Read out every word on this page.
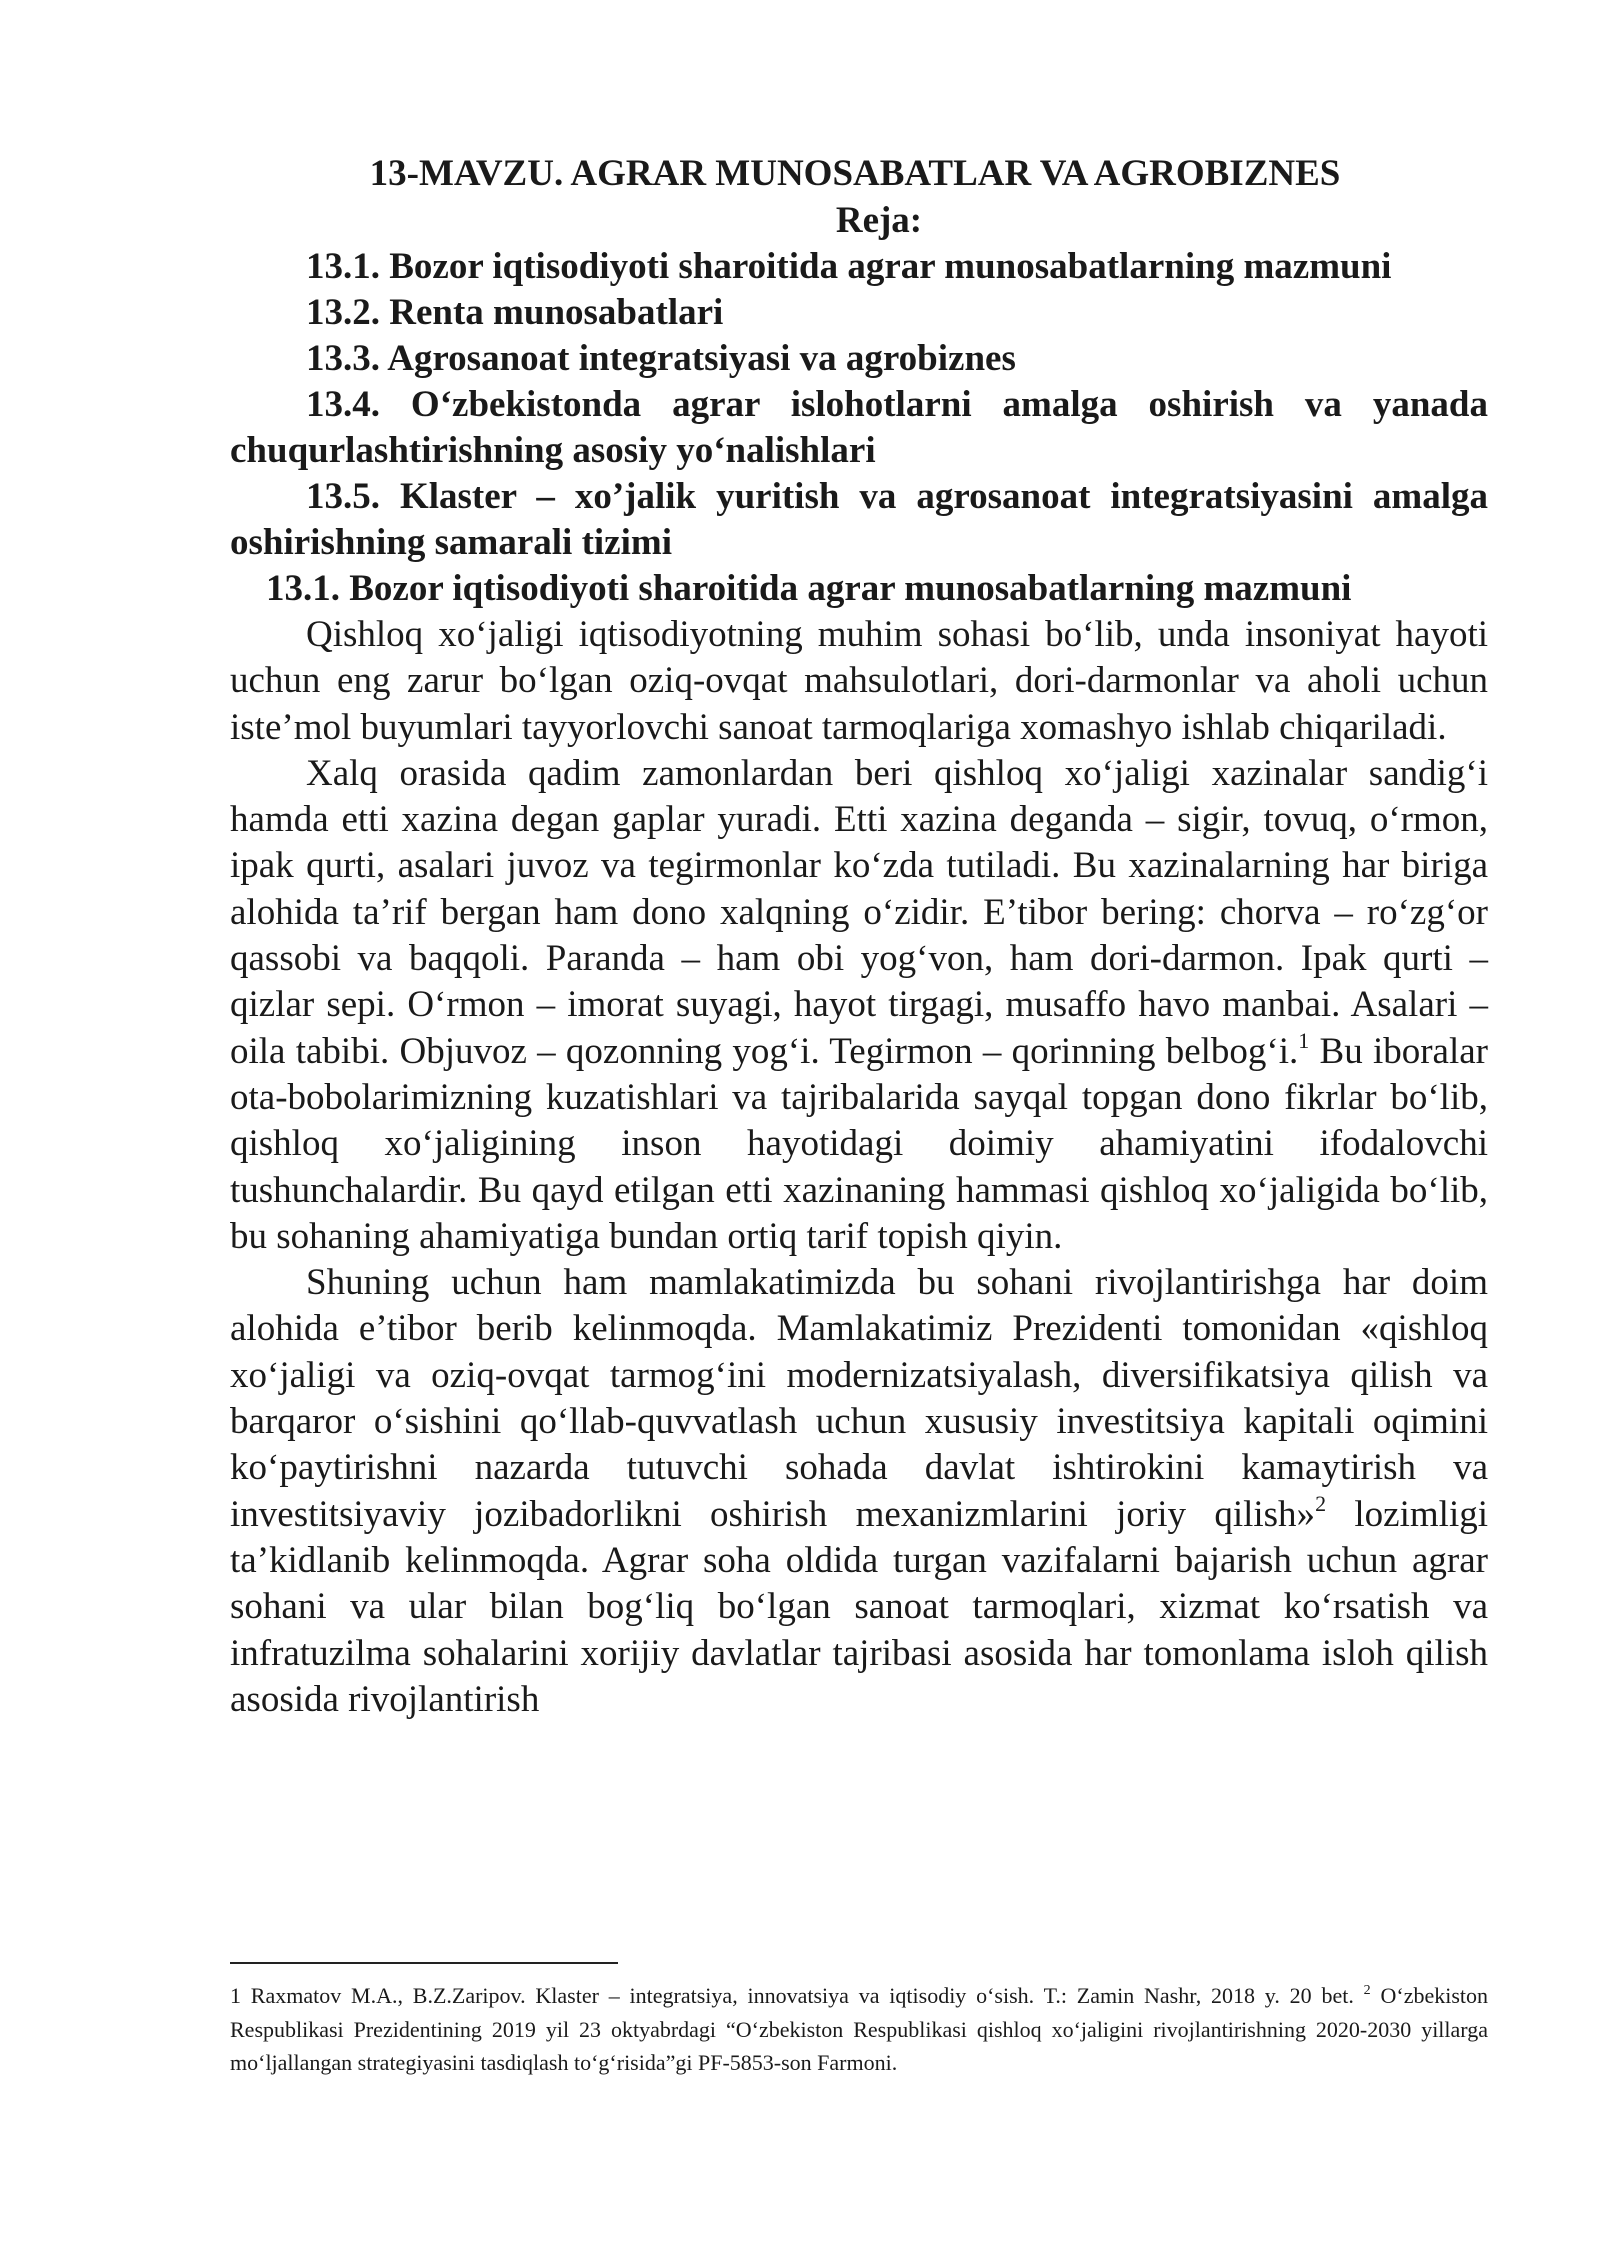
13-MAVZU. AGRAR MUNOSABATLAR VA AGROBIZNES
Reja:
13.1. Bozor iqtisodiyoti sharoitida agrar munosabatlarning mazmuni
13.2. Renta munosabatlari
13.3. Agrosanoat integratsiyasi va agrobiznes
13.4. O‘zbekistonda agrar islohotlarni amalga oshirish va yanada chuqurlashtirishning asosiy yo‘nalishlari
13.5. Klaster – xo’jalik yuritish va agrosanoat integratsiyasini amalga oshirishning samarali tizimi
13.1. Bozor iqtisodiyoti sharoitida agrar munosabatlarning mazmuni

Qishloq xo‘jaligi iqtisodiyotning muhim sohasi bo‘lib, unda insoniyat hayoti uchun eng zarur bo‘lgan oziq-ovqat mahsulotlari, dori-darmonlar va aholi uchun iste’mol buyumlari tayyorlovchi sanoat tarmoqlariga xomashyo ishlab chiqariladi.

Xalq orasida qadim zamonlardan beri qishloq xo‘jaligi xazinalar sandig‘i hamda etti xazina degan gaplar yuradi. Etti xazina deganda – sigir, tovuq, o‘rmon, ipak qurti, asalari juvoz va tegirmonlar ko‘zda tutiladi. Bu xazinalarning har biriga alohida ta’rif bergan ham dono xalqning o‘zidir. E’tibor bering: chorva – ro‘zg‘or qassobi va baqqoli. Paranda – ham obi yog‘von, ham dori-darmon. Ipak qurti – qizlar sepi. O‘rmon – imorat suyagi, hayot tirgagi, musaffo havo manbai. Asalari – oila tabibi. Objuvoz – qozonning yog‘i. Tegirmon – qorinning belbog‘i.$^1$ Bu iboralar ota-bobolarimizning kuzatishlari va tajribalarida sayqal topgan dono fikrlar bo‘lib, qishloq xo‘jaligining inson hayotidagi doimiy ahamiyatini ifodalovchi tushunchalardir. Bu qayd etilgan etti xazinaning hammasi qishloq xo‘jaligida bo‘lib, bu sohaning ahamiyatiga bundan ortiq tarif topish qiyin.

Shuning uchun ham mamlakatimizda bu sohani rivojlantirishga har doim alohida e’tibor berib kelinmoqda. Mamlakatimiz Prezidenti tomonidan «qishloq xo‘jaligi va oziq-ovqat tarmog‘ini modernizatsiyalash, diversifikatsiya qilish va barqaror o‘sishini qo‘llab-quvvatlash uchun xususiy investitsiya kapitali oqimini ko‘paytirishni nazarda tutuvchi sohada davlat ishtirokini kamaytirish va investitsiyaviy jozibadorlikni oshirish mexanizmlarini joriy qilish»$^2$ lozimligi ta’kidlanib kelinmoqda. Agrar soha oldida turgan vazifalarni bajarish uchun agrar sohani va ular bilan bog‘liq bo‘lgan sanoat tarmoqlari, xizmat ko‘rsatish va infratuzilma sohalarini xorijiy davlatlar tajribasi asosida har tomonlama isloh qilish asosida rivojlantirish

1 Raxmatov M.A., B.Z.Zaripov. Klaster – integratsiya, innovatsiya va iqtisodiy o‘sish. T.: Zamin Nashr, 2018 y. 20 bet. $^2$ O‘zbekiston Respublikasi Prezidentining 2019 yil 23 oktyabrdagi “O‘zbekiston Respublikasi qishloq xo‘jaligini rivojlantirishning 2020-2030 yillarga mo‘ljallangan strategiyasini tasdiqlash to‘g‘risida”gi PF-5853-son Farmoni.
